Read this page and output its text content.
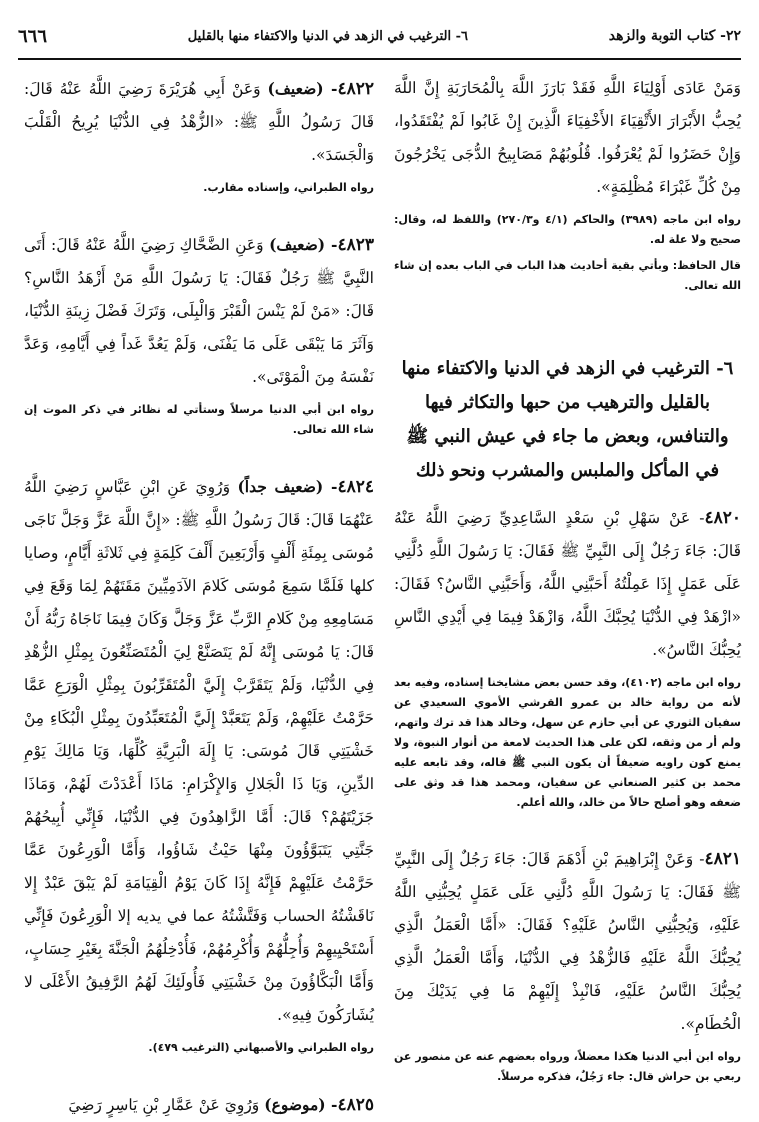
٢٢- كتاب التوبة والزهد
٦- الترغيب في الزهد في الدنيا والاكتفاء منها بالقليل
٦٦٦

وَمَنْ عَادَى أَوْلِيَاءَ اللَّهِ فَقَدْ بَارَزَ اللَّهَ بِالْمُحَارَبَةِ إِنَّ اللَّهَ يُحِبُّ الأَبْرَارَ الأَتْقِيَاءَ الأَخْفِيَاءَ الَّذِينَ إِنْ غَابُوا لَمْ يُفْتَقَدُوا، وَإِنْ حَضَرُوا لَمْ يُعْرَفُوا. قُلُوبُهُمْ مَصَابِيحُ الدُّجَى يَخْرُجُونَ مِنْ كُلِّ غَبْرَاءَ مُظْلِمَةٍ».

رواه ابن ماجه (٣٩٨٩) والحاكم (٤/١ و٢٧٠/٣) واللفظ له، وقال: صحيح ولا علة له.

قال الحافظ: وبأتي بقية أحاديث هذا الباب في الباب بعده إن شاء الله تعالى.

٦- الترغيب في الزهد في الدنيا والاكتفاء منها بالقليل والترهيب من حبها والتكاثر فيها والتنافس، وبعض ما جاء في عيش النبي ﷺ في المأكل والملبس والمشرب ونحو ذلك

٤٨٢٠- عَنْ سَهْلِ بْنِ سَعْدٍ السَّاعِدِيِّ رَضِيَ اللَّهُ عَنْهُ قَالَ: جَاءَ رَجُلٌ إِلَى النَّبِيِّ ﷺ فَقَالَ: يَا رَسُولَ اللَّهِ دُلَّنِي عَلَى عَمَلٍ إِذَا عَمِلْتُهُ أَحَبَّنِي اللَّهُ، وَأَحَبَّنِي النَّاسُ؟ فَقَالَ: «ازْهَدْ فِي الدُّنْيَا يُحِبَّكَ اللَّهُ، وَازْهَدْ فِيمَا فِي أَيْدِي النَّاسِ يُحِبُّكَ النَّاسُ».

رواه ابن ماجه (٤١٠٢)، وقد حسن بعض مشايخنا إسناده، وفيه بعد لأنه من رواية خالد بن عمرو القرشي الأموي السعيدي عن سفيان الثوري عن أبي حازم عن سهل، وخالد هذا قد ترك واتهم، ولم أر من وثقه، لكن على هذا الحديث لامعة من أنوار النبوة، ولا يمنع كون راويه ضعيفاً أن يكون النبي ﷺ قاله، وقد تابعه عليه محمد بن كثير الصنعاني عن سفيان، ومحمد هذا قد وثق على ضعفه وهو أصلح حالاً من خالد، والله أعلم.

٤٨٢١- وَعَنْ إِبْرَاهِيمَ بْنِ أَدْهَمَ قَالَ: جَاءَ رَجُلٌ إِلَى النَّبِيِّ ﷺ فَقَالَ: يَا رَسُولَ اللَّهِ دُلَّنِي عَلَى عَمَلٍ يُحِبُّنِي اللَّهُ عَلَيْهِ، وَيُحِبُّنِي النَّاسُ عَلَيْهِ؟ فَقَالَ: «أَمَّا الْعَمَلُ الَّذِي يُحِبُّكَ اللَّهُ عَلَيْهِ فَالزُّهْدُ فِي الدُّنْيَا، وَأَمَّا الْعَمَلُ الَّذِي يُحِبُّكَ النَّاسُ عَلَيْهِ، فَانْبِذْ إِلَيْهِمْ مَا فِي يَدَيْكَ مِنَ الْحُطَامِ».

رواه ابن أبي الدنيا هكذا معضلاً، ورواه بعضهم عنه عن منصور عن ربعي بن حراش قال: جاء رَجُلٌ، فذكره مرسلاً.

٤٨٢٢- (ضعيف) وَعَنْ أَبِي هُرَيْرَةَ رَضِيَ اللَّهُ عَنْهُ قَالَ: قَالَ رَسُولُ اللَّهِ ﷺ: «الزُّهْدُ فِي الدُّنْيَا يُرِيحُ الْقَلْبَ وَالْجَسَدَ».

رواه الطبراني، وإسناده مقارب.

٤٨٢٣- (ضعيف) وَعَنِ الضَّحَّاكِ رَضِيَ اللَّهُ عَنْهُ قَالَ: أَتَى النَّبِيَّ ﷺ رَجُلٌ فَقَالَ: يَا رَسُولَ اللَّهِ مَنْ أَزْهَدُ النَّاسِ؟ قَالَ: «مَنْ لَمْ يَنْسَ الْقَبْرَ وَالْبِلَى، وَتَرَكَ فَضْلَ زِينَةِ الدُّنْيَا، وَآثَرَ مَا يَبْقَى عَلَى مَا يَفْنَى، وَلَمْ يَعُدَّ غَداً فِي أَيَّامِهِ، وَعَدَّ نَفْسَهُ مِنَ الْمَوْتَى».

رواه ابن أبي الدنيا مرسلاً وستأتي له نظائر في ذكر الموت إن شاء الله تعالى.

٤٨٢٤- (ضعيف جداً) وَرُوِيَ عَنِ ابْنِ عَبَّاسٍ رَضِيَ اللَّهُ عَنْهُمَا قَالَ: قَالَ رَسُولُ اللَّهِ ﷺ: «إِنَّ اللَّهَ عَزَّ وَجَلَّ نَاجَى مُوسَى بِمِئَةِ أَلْفٍ وَأَرْبَعِينَ أَلْفَ كَلِمَةٍ فِي ثَلاثَةِ أَيَّامٍ، وصايا كلها فَلَمَّا سَمِعَ مُوسَى كَلامَ الآدَمِيِّينَ مَقَتَهُمْ لِمَا وَقَعَ فِي مَسَامِعِهِ مِنْ كَلامِ الرَّبِّ عَزَّ وَجَلَّ وَكَانَ فِيمَا نَاجَاهُ رَبُّهُ أَنْ قَالَ: يَا مُوسَى إِنَّهُ لَمْ يَتَصَنَّعْ لِيَ الْمُتَصَنِّعُونَ بِمِثْلِ الزُّهْدِ فِي الدُّنْيَا، وَلَمْ يَتَقَرَّبْ إِلَيَّ الْمُتَقَرِّبُونَ بِمِثْلِ الْوَرَعِ عَمَّا حَرَّمْتُ عَلَيْهِمْ، وَلَمْ يَتَعَبَّدْ إِلَيَّ الْمُتَعَبِّدُونَ بِمِثْلِ الْبُكَاءِ مِنْ خَشْيَتِي قَالَ مُوسَى: يَا إِلَهَ الْبَرِيَّةِ كُلِّهَا، وَيَا مَالِكَ يَوْمِ الدِّينِ، وَيَا ذَا الْجَلالِ وَالإِكْرَامِ: مَاذَا أَعْدَدْتَ لَهُمْ، وَمَاذَا جَزَيْتَهُمْ؟ قَالَ: أَمَّا الزَّاهِدُونَ فِي الدُّنْيَا، فَإِنِّي أُبِيحُهُمْ جَنَّتِي يَتَبَوَّؤُونَ مِنْهَا حَيْثُ شَاؤُوا، وَأَمَّا الْوَرِعُونَ عَمَّا حَرَّمْتُ عَلَيْهِمْ فَإِنَّهُ إِذَا كَانَ يَوْمُ الْقِيَامَةِ لَمْ يَبْقَ عَبْدٌ إِلا نَاقَشْتُهُ الحساب وَفَتَّشْتُهُ عما في يديه إلا الْوَرِعُونَ فَإِنِّي أَسْتَحْيِيهِمْ وَأُجِلُّهُمْ وَأُكْرِمُهُمْ، فَأُدْخِلُهُمُ الْجَنَّةَ بِغَيْرِ حِسَابٍ، وَأَمَّا الْبَكَّاؤُونَ مِنْ خَشْيَتِي فَأُولَئِكَ لَهُمُ الرَّفِيقُ الأَعْلَى لا يُشَارَكُونَ فِيهِ».

رواه الطبراني والأصبهاني (الترغيب ٤٧٩).

٤٨٢٥- (موضوع) وَرُوِيَ عَنْ عَمَّارِ بْنِ يَاسِرٍ رَضِيَ
